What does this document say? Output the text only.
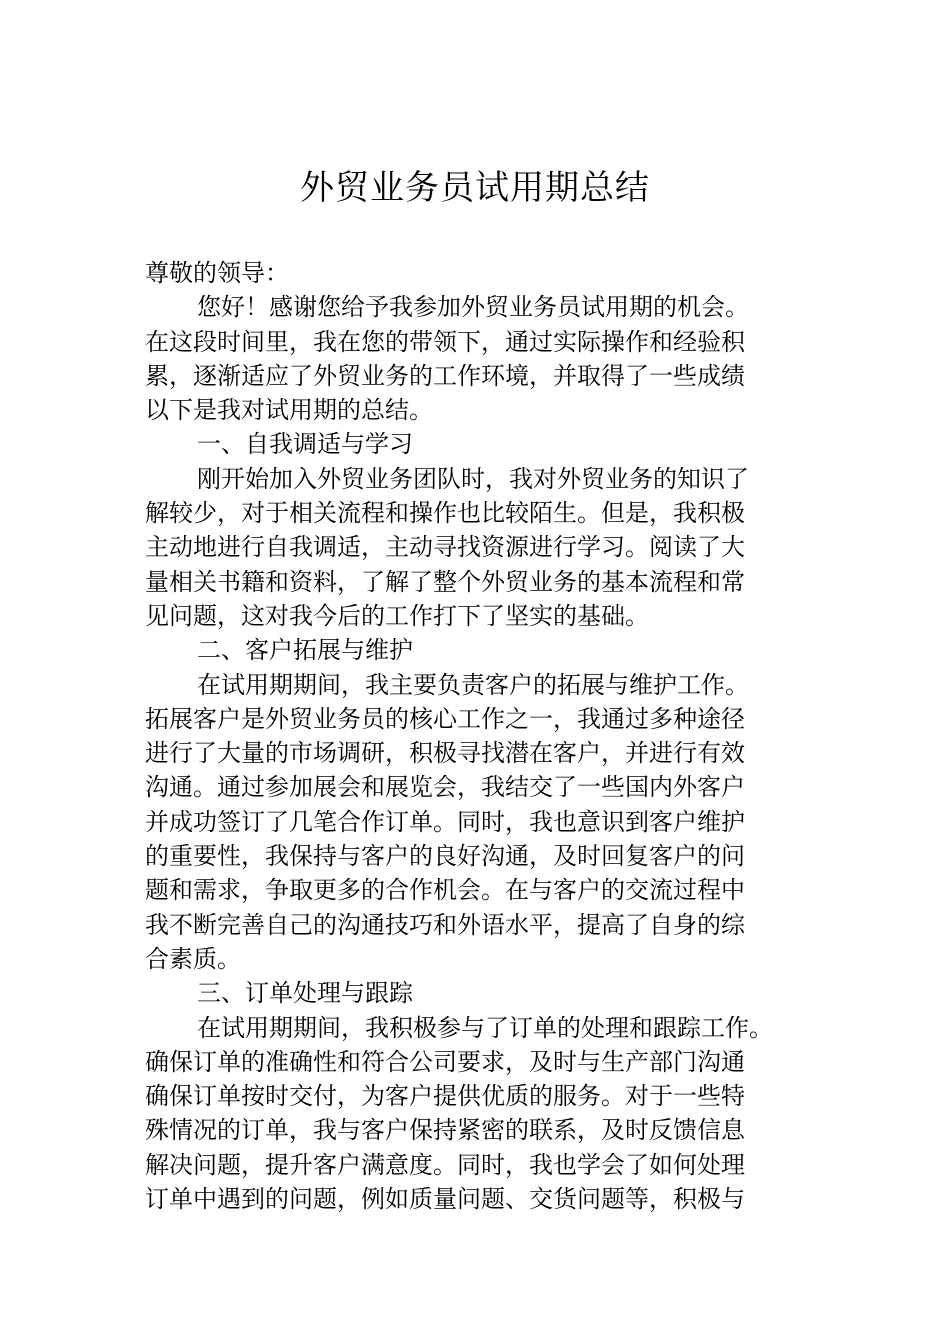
外贸业务员试用期总结
尊敬的领导：
您好！感谢您给予我参加外贸业务员试用期的机会。
在这段时间里，我在您的带领下，通过实际操作和经验积
累，逐渐适应了外贸业务的工作环境，并取得了一些成绩
以下是我对试用期的总结。
一、自我调适与学习
刚开始加入外贸业务团队时，我对外贸业务的知识了
解较少，对于相关流程和操作也比较陌生。但是，我积极
主动地进行自我调适，主动寻找资源进行学习。阅读了大
量相关书籍和资料，了解了整个外贸业务的基本流程和常
见问题，这对我今后的工作打下了坚实的基础。
二、客户拓展与维护
在试用期期间，我主要负责客户的拓展与维护工作。
拓展客户是外贸业务员的核心工作之一，我通过多种途径
进行了大量的市场调研，积极寻找潜在客户，并进行有效
沟通。通过参加展会和展览会，我结交了一些国内外客户
并成功签订了几笔合作订单。同时，我也意识到客户维护
的重要性，我保持与客户的良好沟通，及时回复客户的问
题和需求，争取更多的合作机会。在与客户的交流过程中
我不断完善自己的沟通技巧和外语水平，提高了自身的综
合素质。
三、订单处理与跟踪
在试用期期间，我积极参与了订单的处理和跟踪工作。
确保订单的准确性和符合公司要求，及时与生产部门沟通
确保订单按时交付，为客户提供优质的服务。对于一些特
殊情况的订单，我与客户保持紧密的联系，及时反馈信息
解决问题，提升客户满意度。同时，我也学会了如何处理
订单中遇到的问题，例如质量问题、交货问题等，积极与
